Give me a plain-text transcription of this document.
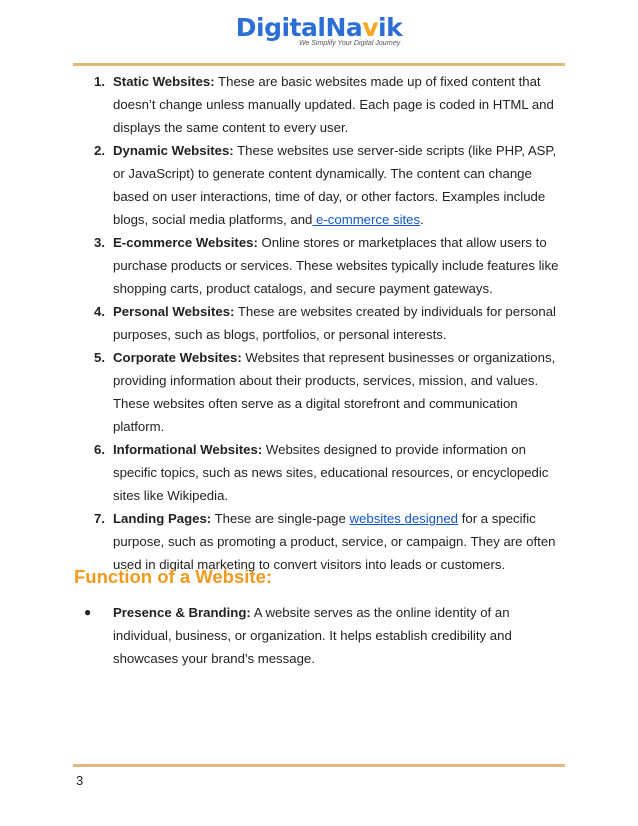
DigitalNavik
We Simplify Your Digital Journey
1. Static Websites: These are basic websites made up of fixed content that doesn’t change unless manually updated. Each page is coded in HTML and displays the same content to every user.
2. Dynamic Websites: These websites use server-side scripts (like PHP, ASP, or JavaScript) to generate content dynamically. The content can change based on user interactions, time of day, or other factors. Examples include blogs, social media platforms, and e-commerce sites.
3. E-commerce Websites: Online stores or marketplaces that allow users to purchase products or services. These websites typically include features like shopping carts, product catalogs, and secure payment gateways.
4. Personal Websites: These are websites created by individuals for personal purposes, such as blogs, portfolios, or personal interests.
5. Corporate Websites: Websites that represent businesses or organizations, providing information about their products, services, mission, and values. These websites often serve as a digital storefront and communication platform.
6. Informational Websites: Websites designed to provide information on specific topics, such as news sites, educational resources, or encyclopedic sites like Wikipedia.
7. Landing Pages: These are single-page websites designed for a specific purpose, such as promoting a product, service, or campaign. They are often used in digital marketing to convert visitors into leads or customers.
Function of a Website:
● Presence & Branding: A website serves as the online identity of an individual, business, or organization. It helps establish credibility and showcases your brand's message.
3
